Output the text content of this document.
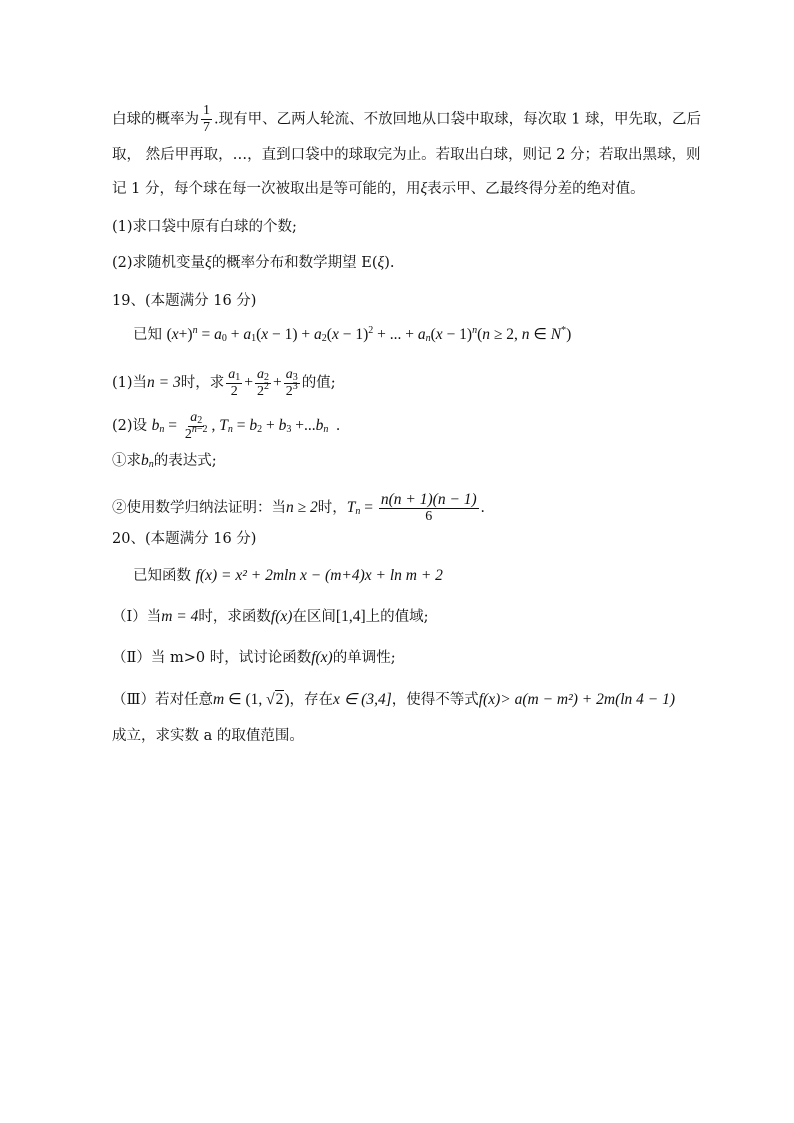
白球的概率为 $\frac{1}{7}$ .现有甲、乙两人轮流、不放回地从口袋中取球，每次取 1 球，甲先取，乙后
取， 然后甲再取，…，直到口袋中的球取完为止。若取出白球，则记 2 分；若取出黑球，则
记 1 分，每个球在每一次被取出是等可能的，用ξ表示甲、乙最终得分差的绝对值。
(1)求口袋中原有白球的个数;
(2)求随机变量ξ的概率分布和数学期望 E(ξ).
19、(本题满分 16 分)
已知 $(x+)^n = a_0 + a_1(x - 1) + a_2(x - 1)^2$ + ... + $a_n(x - 1)^n(n \ge 2$, n ∈ N*)
(1)当n = 3时，求 $\frac{a_1}{2} + \frac{a_2}{2^2} + \frac{a_3}{2^3}$ 的值;
(2)设 $b_n = \frac{a_2}{2^{n-2}}$ , $T_n = b_2 + b_3 +...b_n$  .
①求$b_n$的表达式;
②使用数学归纳法证明：当n ≥ 2时，$T_n = \frac{n(n + 1)(n - 1)}{6}$ .
20、(本题满分 16 分)
已知函数 f(x) = x² + 2mln x − (m+4)x + ln m + 2
（Ⅰ）当m = 4时，求函数f(x)在区间[1,4]上的值域;
（Ⅱ）当 m>0 时，试讨论函数f(x)的单调性;
（Ⅲ）若对任意m ∈ (1, √2)，存在x ∈ (3,4]，使得不等式f(x)> a(m − m²) + 2m(ln 4 − 1)
成立，求实数 a 的取值范围。
